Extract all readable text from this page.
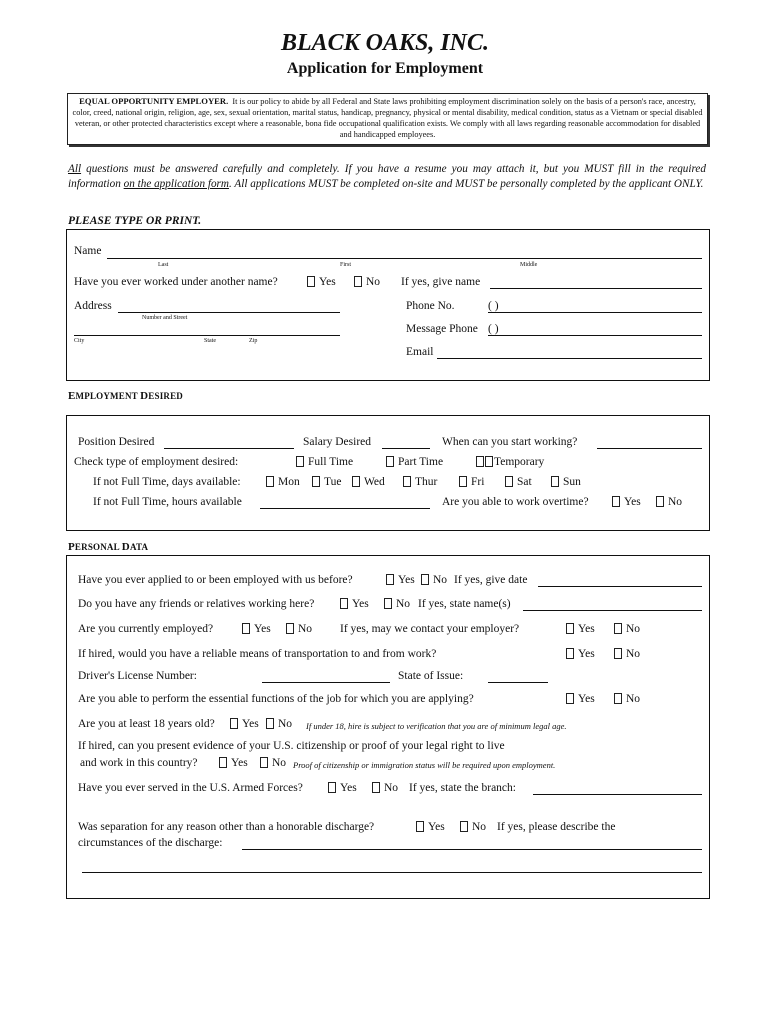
BLACK OAKS, INC.
Application for Employment
EQUAL OPPORTUNITY EMPLOYER. It is our policy to abide by all Federal and State laws prohibiting employment discrimination solely on the basis of a person's race, ancestry, color, creed, national origin, religion, age, sex, sexual orientation, marital status, handicap, pregnancy, physical or mental disability, medical condition, status as a Vietnam or special disabled veteran, or other protected characteristics except where a reasonable, bona fide occupational qualification exists. We comply with all laws regarding reasonable accommodation for disabled and handicapped employees.
All questions must be answered carefully and completely. If you have a resume you may attach it, but you MUST fill in the required information on the application form. All applications MUST be completed on-site and MUST be personally completed by the applicant ONLY.
PLEASE TYPE OR PRINT.
Name
Last	First	Middle
Have you ever worked under another name?	Yes	No If yes, give name
Address
Number and Street
City	State	Zip
Phone No.	( )
Message Phone ( )
Email
EMPLOYMENT DESIRED
Position Desired	Salary Desired	When can you start working?
Check type of employment desired:	Full Time	Part Time	Temporary
If not Full Time, days available:	Mon	Tue	Wed	Thur	Fri	Sat	Sun
If not Full Time, hours available	Are you able to work overtime?	Yes	No
PERSONAL DATA
Have you ever applied to or been employed with us before?	Yes	No If yes, give date
Do you have any friends or relatives working here?	Yes	No If yes, state name(s)
Are you currently employed?	Yes	No If yes, may we contact your employer?	Yes	No
If hired, would you have a reliable means of transportation to and from work?	Yes	No
Driver's License Number:	State of Issue:
Are you able to perform the essential functions of the job for which you are applying?	Yes	No
Are you at least 18 years old?	Yes	No If under 18, hire is subject to verification that you are of minimum legal age.
If hired, can you present evidence of your U.S. citizenship or proof of your legal right to live
and work in this country?	Yes	No Proof of citizenship or immigration status will be required upon employment.
Have you ever served in the U.S. Armed Forces?	Yes	No If yes, state the branch:
Was separation for any reason other than a honorable discharge?	Yes	No If yes, please describe the
circumstances of the discharge:
